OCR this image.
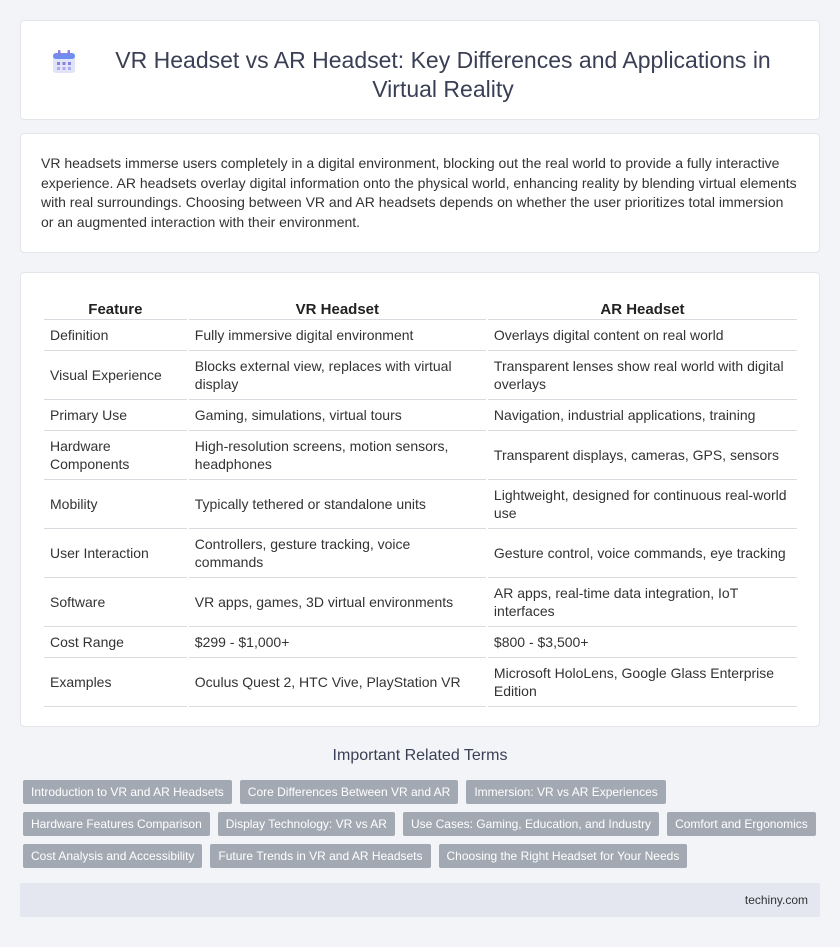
VR Headset vs AR Headset: Key Differences and Applications in Virtual Reality

VR headsets immerse users completely in a digital environment, blocking out the real world to provide a fully interactive experience. AR headsets overlay digital information onto the physical world, enhancing reality by blending virtual elements with real surroundings. Choosing between VR and AR headsets depends on whether the user prioritizes total immersion or an augmented interaction with their environment.

Feature	VR Headset	AR Headset
Definition	Fully immersive digital environment	Overlays digital content on real world
Visual Experience	Blocks external view, replaces with virtual display	Transparent lenses show real world with digital overlays
Primary Use	Gaming, simulations, virtual tours	Navigation, industrial applications, training
Hardware Components	High-resolution screens, motion sensors, headphones	Transparent displays, cameras, GPS, sensors
Mobility	Typically tethered or standalone units	Lightweight, designed for continuous real-world use
User Interaction	Controllers, gesture tracking, voice commands	Gesture control, voice commands, eye tracking
Software	VR apps, games, 3D virtual environments	AR apps, real-time data integration, IoT interfaces
Cost Range	$299 - $1,000+	$800 - $3,500+
Examples	Oculus Quest 2, HTC Vive, PlayStation VR	Microsoft HoloLens, Google Glass Enterprise Edition
Important Related Terms
Introduction to VR and AR Headsets	Core Differences Between VR and AR	Immersion: VR vs AR Experiences
Hardware Features Comparison	Display Technology: VR vs AR	Use Cases: Gaming, Education, and Industry	Comfort and Ergonomics
Cost Analysis and Accessibility	Future Trends in VR and AR Headsets	Choosing the Right Headset for Your Needs
techiny.com
